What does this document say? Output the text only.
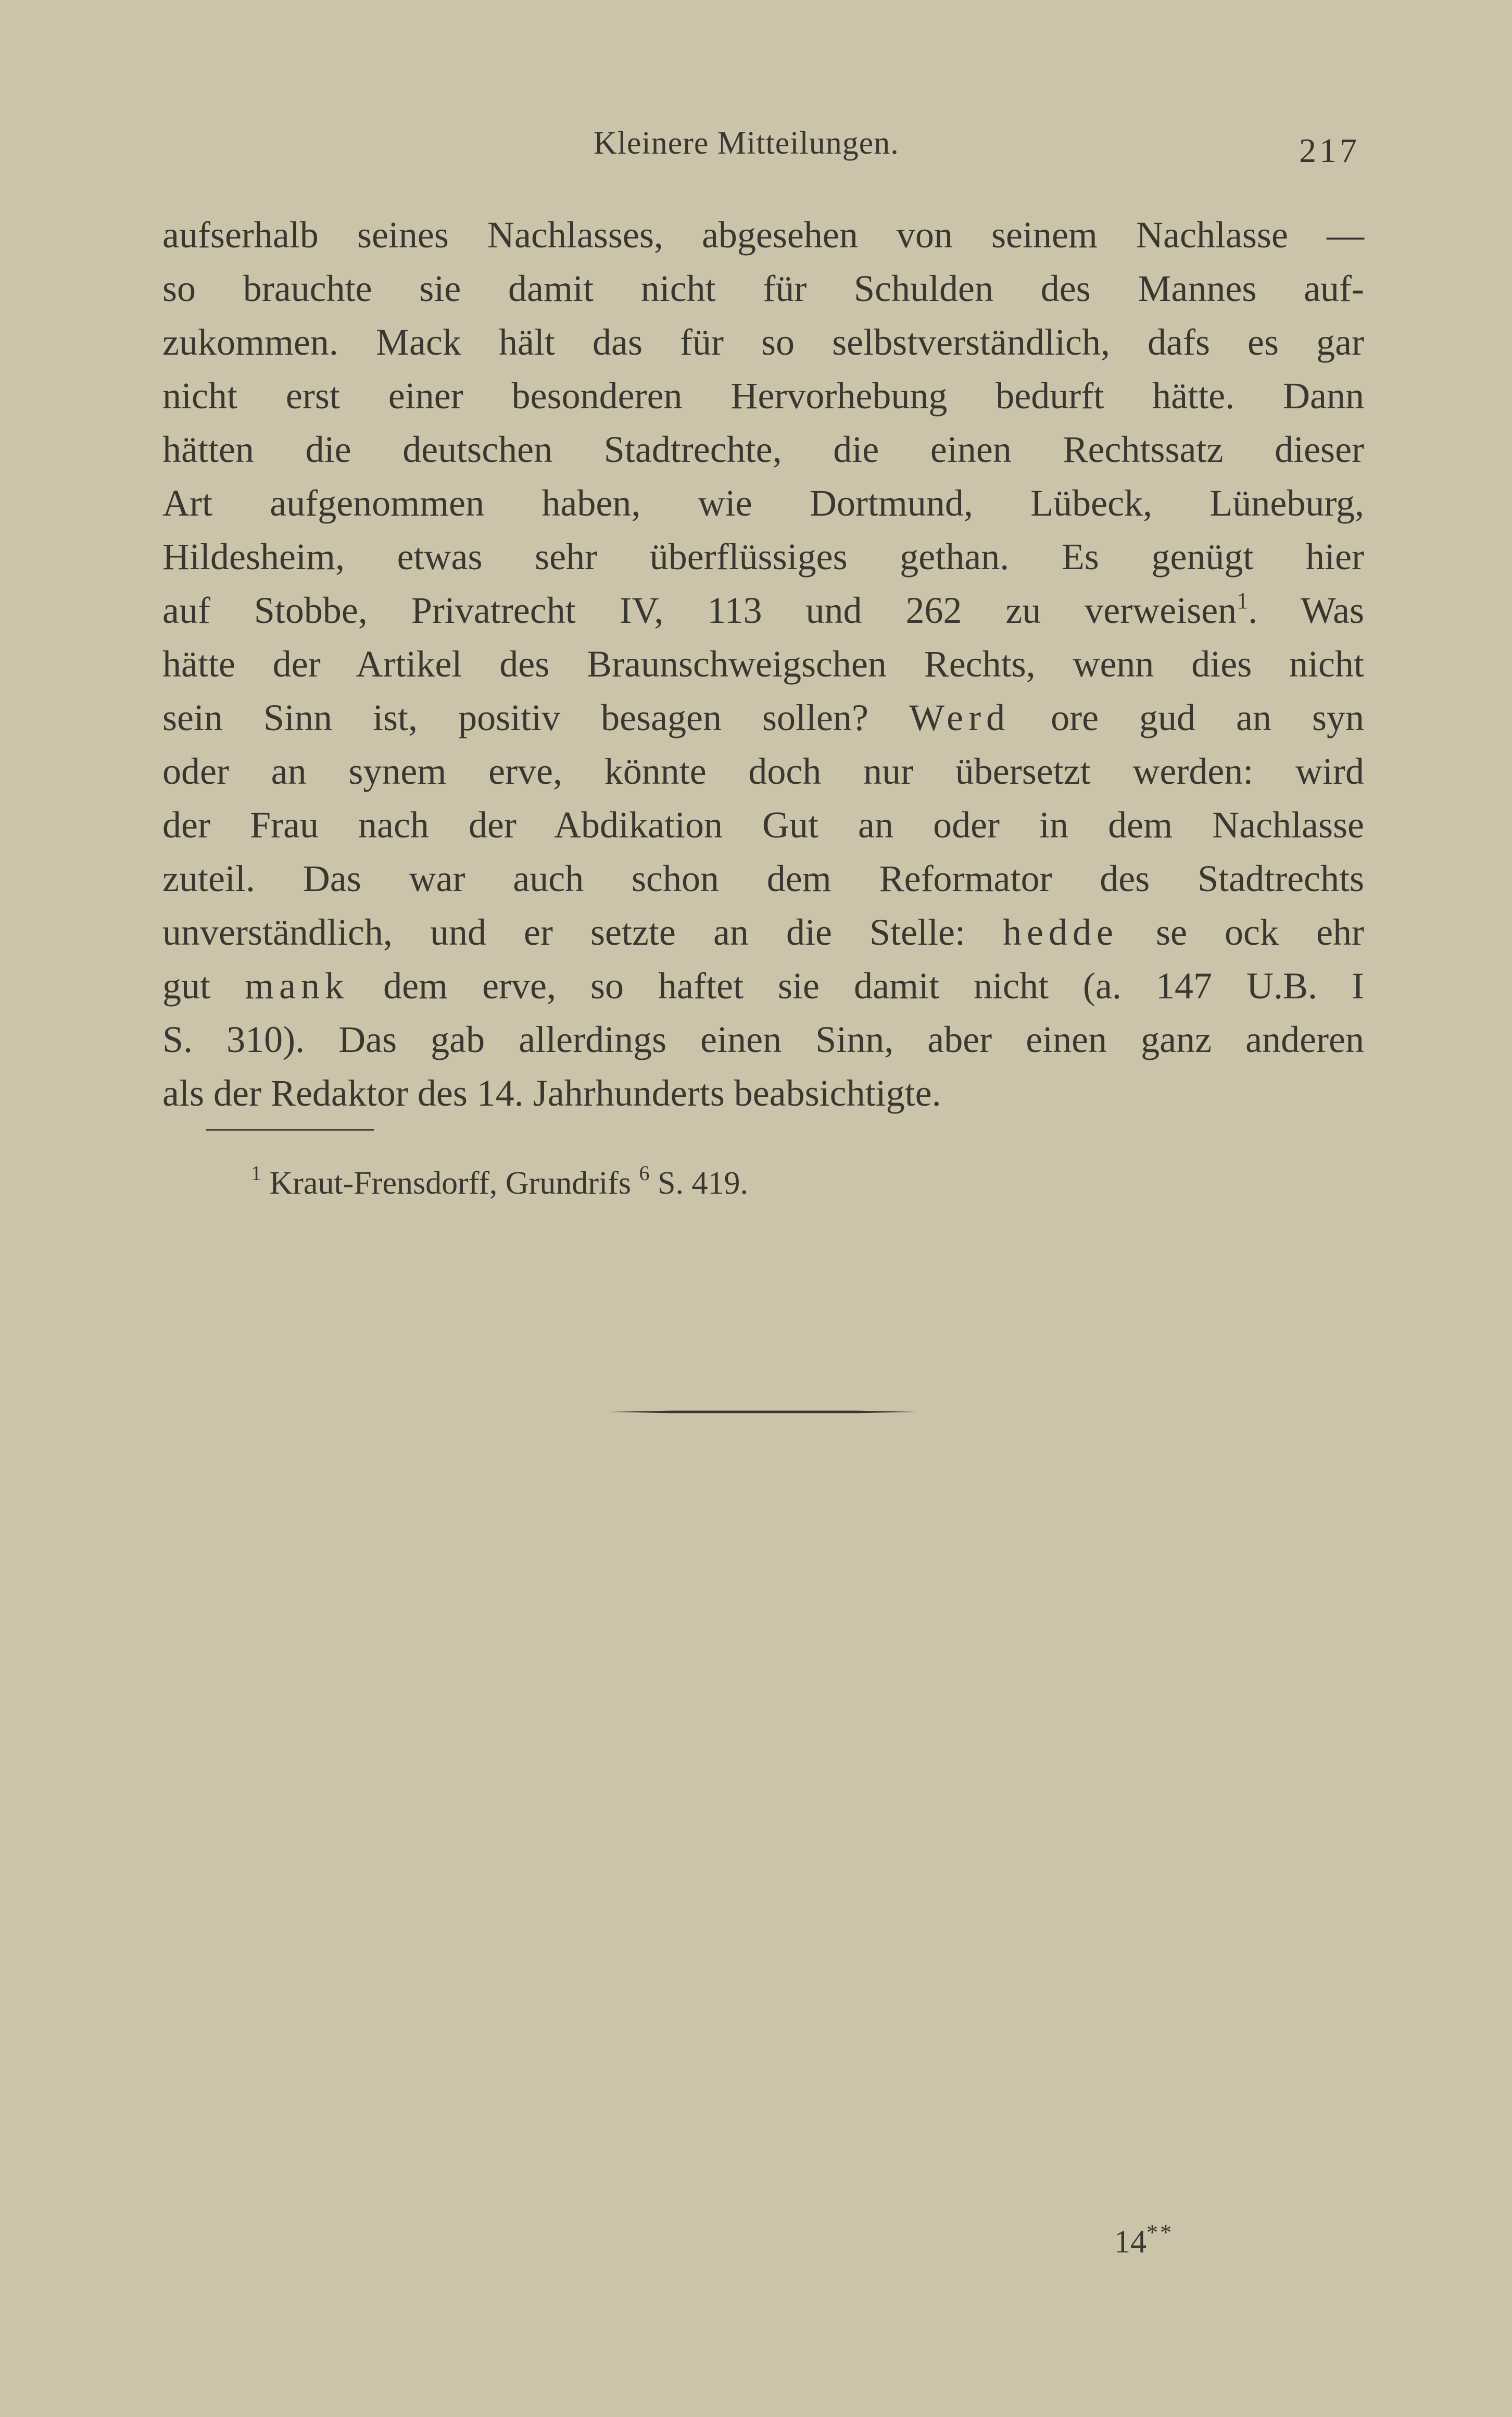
Kleinere Mitteilungen.	217
aufserhalb seines Nachlasses, abgesehen von seinem Nachlasse —
so brauchte sie damit nicht für Schulden des Mannes auf-
zukommen. Mack hält das für so selbstverständlich, dafs es gar
nicht erst einer besonderen Hervorhebung bedurft hätte. Dann
hätten die deutschen Stadtrechte, die einen Rechtssatz dieser
Art aufgenommen haben, wie Dortmund, Lübeck, Lüneburg,
Hildesheim, etwas sehr überflüssiges gethan. Es genügt hier
auf Stobbe, Privatrecht IV, 113 und 262 zu verweisen$^1$. Was
hätte der Artikel des Braunschweigschen Rechts, wenn dies nicht
sein Sinn ist, positiv besagen sollen? Werd ore gud an syn
oder an synem erve, könnte doch nur übersetzt werden: wird
der Frau nach der Abdikation Gut an oder in dem Nachlasse
zuteil. Das war auch schon dem Reformator des Stadtrechts
unverständlich, und er setzte an die Stelle: hedde se ock ehr
gut mank dem erve, so haftet sie damit nicht (a. 147 U.B. I
S. 310). Das gab allerdings einen Sinn, aber einen ganz anderen
als der Redaktor des 14. Jahrhunderts beabsichtigte.
$^1$ Kraut-Frensdorff, Grundrifs $^6$ S. 419.
14**
